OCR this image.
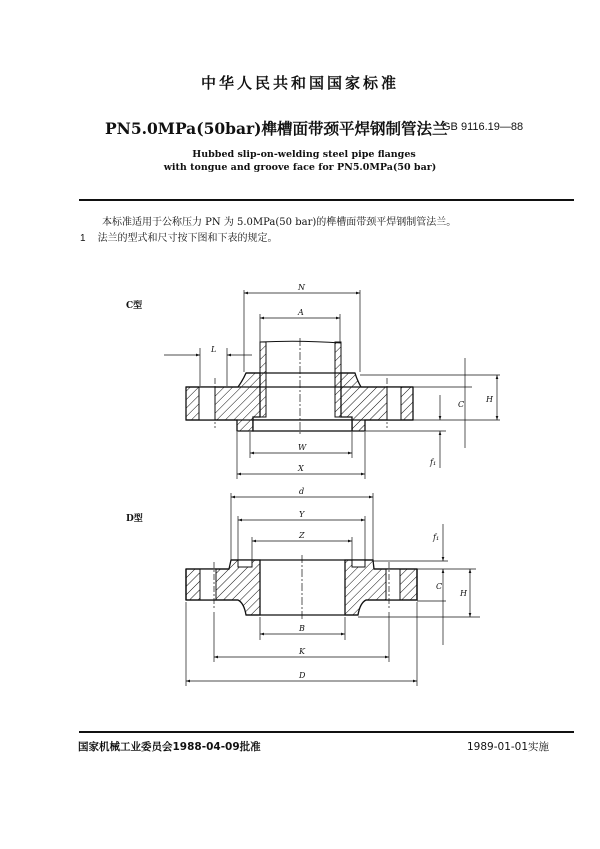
中华人民共和国国家标准
PN5.0MPa(50bar)榫槽面带颈平焊钢制管法兰
GB 9116.19—88
Hubbed slip-on-welding steel pipe flanges
with tongue and groove face for PN5.0MPa(50 bar)
本标准适用于公称压力 PN 为 5.0MPa(50 bar)的榫槽面带颈平焊钢制管法兰。
1 法兰的型式和尺寸按下图和下表的规定。
C型
N
A
L
W
X
C
H
f₁
D型
d
Y
Z
B
K
D
C
H
f₁
国家机械工业委员会1988-04-09批准	1989-01-01实施
